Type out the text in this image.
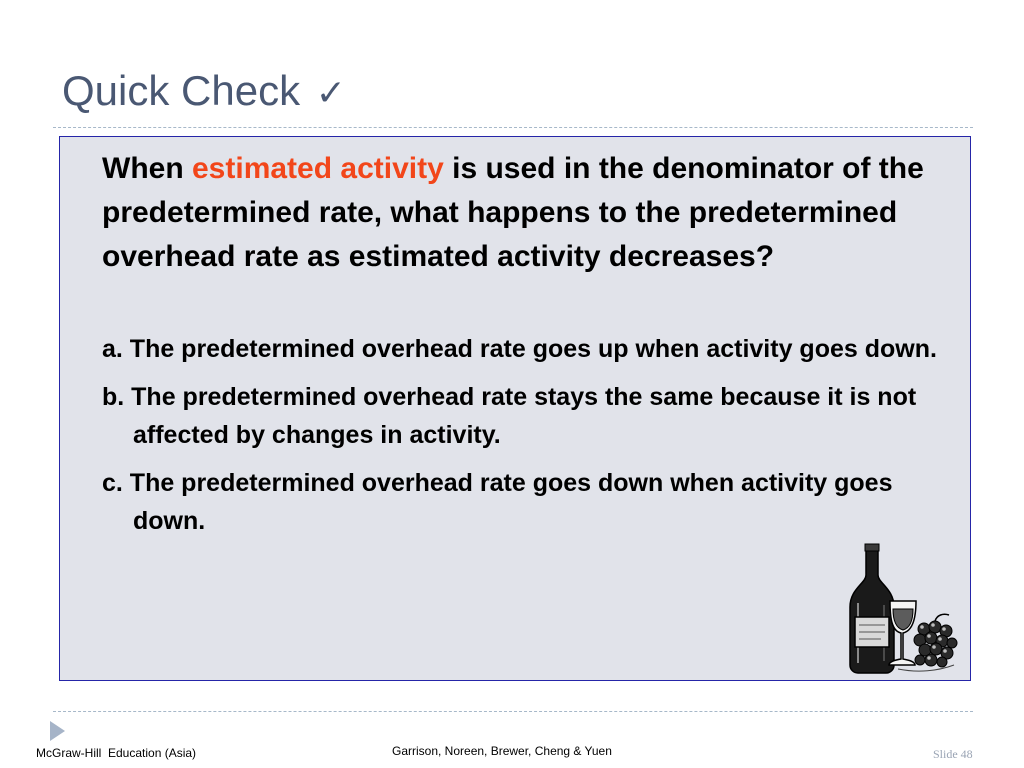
Quick Check ✓

When estimated activity is used in the denominator of the predetermined rate, what happens to the predetermined overhead rate as estimated activity decreases?

a. The predetermined overhead rate goes up when activity goes down.
b. The predetermined overhead rate stays the same because it is not affected by changes in activity.
c. The predetermined overhead rate goes down when activity goes down.
McGraw-Hill  Education (Asia)	Garrison, Noreen, Brewer, Cheng & Yuen	Slide 48
